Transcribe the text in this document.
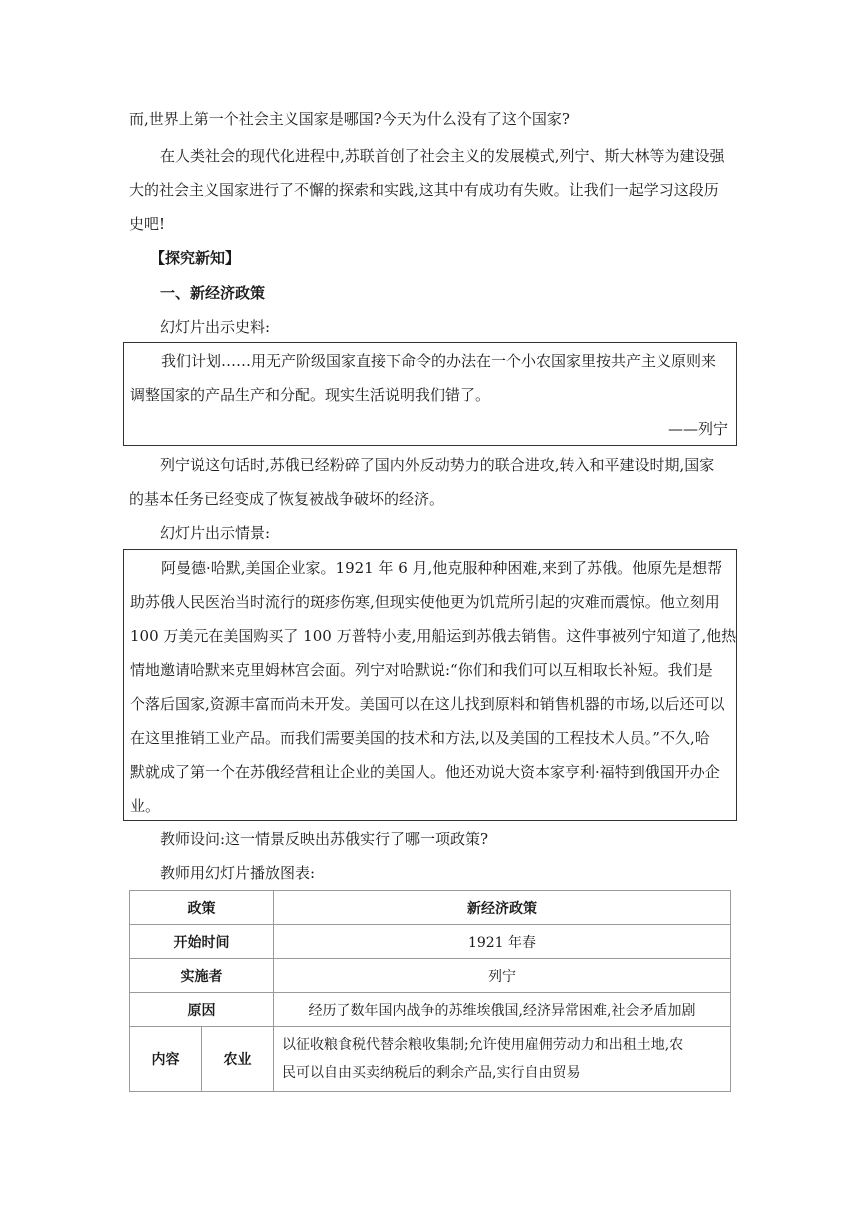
而,世界上第一个社会主义国家是哪国?今天为什么没有了这个国家?
在人类社会的现代化进程中,苏联首创了社会主义的发展模式,列宁、斯大林等为建设强
大的社会主义国家进行了不懈的探索和实践,这其中有成功有失败。让我们一起学习这段历
史吧!
【探究新知】
一、新经济政策
幻灯片出示史料:
我们计划……用无产阶级国家直接下命令的办法在一个小农国家里按共产主义原则来
调整国家的产品生产和分配。现实生活说明我们错了。
——列宁
列宁说这句话时,苏俄已经粉碎了国内外反动势力的联合进攻,转入和平建设时期,国家
的基本任务已经变成了恢复被战争破坏的经济。
幻灯片出示情景:
阿曼德·哈默,美国企业家。1921 年 6 月,他克服种种困难,来到了苏俄。他原先是想帮
助苏俄人民医治当时流行的斑疹伤寒,但现实使他更为饥荒所引起的灾难而震惊。他立刻用
100 万美元在美国购买了 100 万普特小麦,用船运到苏俄去销售。这件事被列宁知道了,他热
情地邀请哈默来克里姆林宫会面。列宁对哈默说:“你们和我们可以互相取长补短。我们是
个落后国家,资源丰富而尚未开发。美国可以在这儿找到原料和销售机器的市场,以后还可以
在这里推销工业产品。而我们需要美国的技术和方法,以及美国的工程技术人员。”不久,哈
默就成了第一个在苏俄经营租让企业的美国人。他还劝说大资本家亨利·福特到俄国开办企
业。
教师设问:这一情景反映出苏俄实行了哪一项政策?
教师用幻灯片播放图表:
政策		新经济政策
开始时间		1921 年春
实施者		列宁
原因		经历了数年国内战争的苏维埃俄国,经济异常困难,社会矛盾加剧
内容	农业	以征收粮食税代替余粮收集制;允许使用雇佣劳动力和出租土地,农
民可以自由买卖纳税后的剩余产品,实行自由贸易
